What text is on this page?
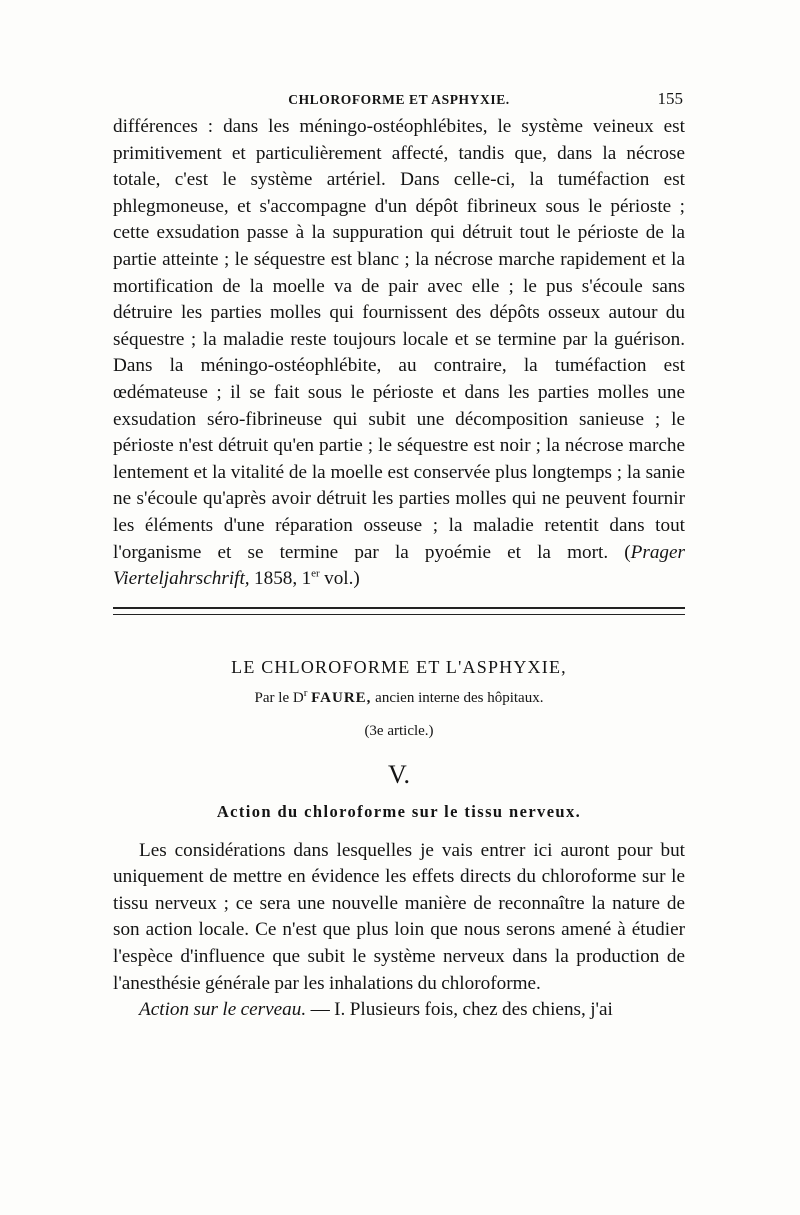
CHLOROFORME ET ASPHYXIE.	155

différences : dans les méningo-ostéophlébites, le système veineux est primitivement et particulièrement affecté, tandis que, dans la nécrose totale, c'est le système artériel. Dans celle-ci, la tuméfaction est phlegmoneuse, et s'accompagne d'un dépôt fibrineux sous le périoste ; cette exsudation passe à la suppuration qui détruit tout le périoste de la partie atteinte ; le séquestre est blanc ; la nécrose marche rapidement et la mortification de la moelle va de pair avec elle ; le pus s'écoule sans détruire les parties molles qui fournissent des dépôts osseux autour du séquestre ; la maladie reste toujours locale et se termine par la guérison. Dans la méningo-ostéophlébite, au contraire, la tuméfaction est œdémateuse ; il se fait sous le périoste et dans les parties molles une exsudation séro-fibrineuse qui subit une décomposition sanieuse ; le périoste n'est détruit qu'en partie ; le séquestre est noir ; la nécrose marche lentement et la vitalité de la moelle est conservée plus longtemps ; la sanie ne s'écoule qu'après avoir détruit les parties molles qui ne peuvent fournir les éléments d'une réparation osseuse ; la maladie retentit dans tout l'organisme et se termine par la pyoémie et la mort. (Prager Vierteljahrschrift, 1858, 1er vol.)

LE CHLOROFORME ET L'ASPHYXIE,
Par le $D^r$ FAURE, ancien interne des hôpitaux.
(3e article.)
V.
Action du chloroforme sur le tissu nerveux.

Les considérations dans lesquelles je vais entrer ici auront pour but uniquement de mettre en évidence les effets directs du chloroforme sur le tissu nerveux ; ce sera une nouvelle manière de reconnaître la nature de son action locale. Ce n'est que plus loin que nous serons amené à étudier l'espèce d'influence que subit le système nerveux dans la production de l'anesthésie générale par les inhalations du chloroforme.

Action sur le cerveau. — I. Plusieurs fois, chez des chiens, j'ai
